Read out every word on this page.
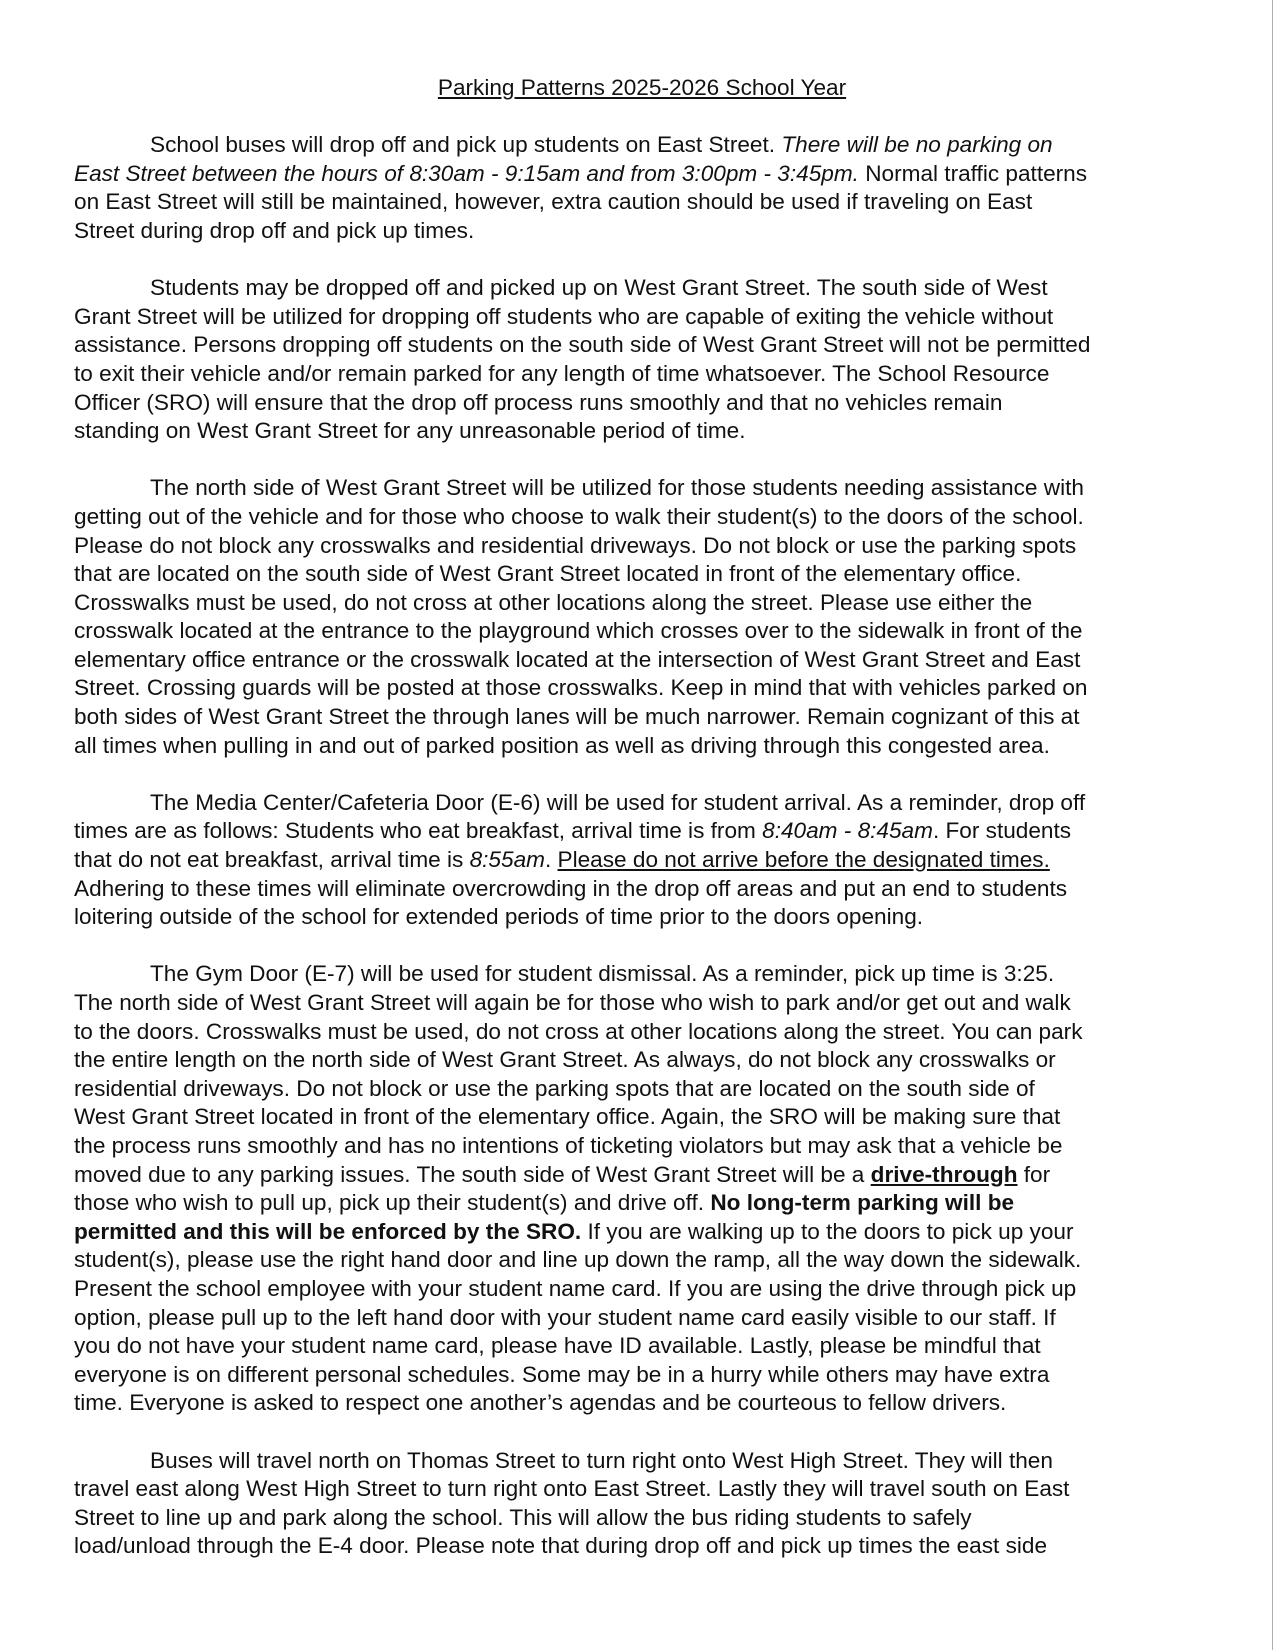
Parking Patterns 2025-2026 School Year

School buses will drop off and pick up students on East Street. There will be no parking on
East Street between the hours of 8:30am - 9:15am and from 3:00pm - 3:45pm. Normal traffic patterns
on East Street will still be maintained, however, extra caution should be used if traveling on East
Street during drop off and pick up times.

Students may be dropped off and picked up on West Grant Street. The south side of West
Grant Street will be utilized for dropping off students who are capable of exiting the vehicle without
assistance. Persons dropping off students on the south side of West Grant Street will not be permitted
to exit their vehicle and/or remain parked for any length of time whatsoever. The School Resource
Officer (SRO) will ensure that the drop off process runs smoothly and that no vehicles remain
standing on West Grant Street for any unreasonable period of time.

The north side of West Grant Street will be utilized for those students needing assistance with
getting out of the vehicle and for those who choose to walk their student(s) to the doors of the school.
Please do not block any crosswalks and residential driveways. Do not block or use the parking spots
that are located on the south side of West Grant Street located in front of the elementary office.
Crosswalks must be used, do not cross at other locations along the street. Please use either the
crosswalk located at the entrance to the playground which crosses over to the sidewalk in front of the
elementary office entrance or the crosswalk located at the intersection of West Grant Street and East
Street. Crossing guards will be posted at those crosswalks. Keep in mind that with vehicles parked on
both sides of West Grant Street the through lanes will be much narrower. Remain cognizant of this at
all times when pulling in and out of parked position as well as driving through this congested area.

The Media Center/Cafeteria Door (E-6) will be used for student arrival. As a reminder, drop off
times are as follows: Students who eat breakfast, arrival time is from 8:40am - 8:45am. For students
that do not eat breakfast, arrival time is 8:55am. Please do not arrive before the designated times.
Adhering to these times will eliminate overcrowding in the drop off areas and put an end to students
loitering outside of the school for extended periods of time prior to the doors opening.

The Gym Door (E-7) will be used for student dismissal. As a reminder, pick up time is 3:25.
The north side of West Grant Street will again be for those who wish to park and/or get out and walk
to the doors. Crosswalks must be used, do not cross at other locations along the street. You can park
the entire length on the north side of West Grant Street. As always, do not block any crosswalks or
residential driveways. Do not block or use the parking spots that are located on the south side of
West Grant Street located in front of the elementary office. Again, the SRO will be making sure that
the process runs smoothly and has no intentions of ticketing violators but may ask that a vehicle be
moved due to any parking issues. The south side of West Grant Street will be a drive-through for
those who wish to pull up, pick up their student(s) and drive off. No long-term parking will be
permitted and this will be enforced by the SRO. If you are walking up to the doors to pick up your
student(s), please use the right hand door and line up down the ramp, all the way down the sidewalk.
Present the school employee with your student name card. If you are using the drive through pick up
option, please pull up to the left hand door with your student name card easily visible to our staff. If
you do not have your student name card, please have ID available. Lastly, please be mindful that
everyone is on different personal schedules. Some may be in a hurry while others may have extra
time. Everyone is asked to respect one another’s agendas and be courteous to fellow drivers.

Buses will travel north on Thomas Street to turn right onto West High Street. They will then
travel east along West High Street to turn right onto East Street. Lastly they will travel south on East
Street to line up and park along the school. This will allow the bus riding students to safely
load/unload through the E-4 door. Please note that during drop off and pick up times the east side
